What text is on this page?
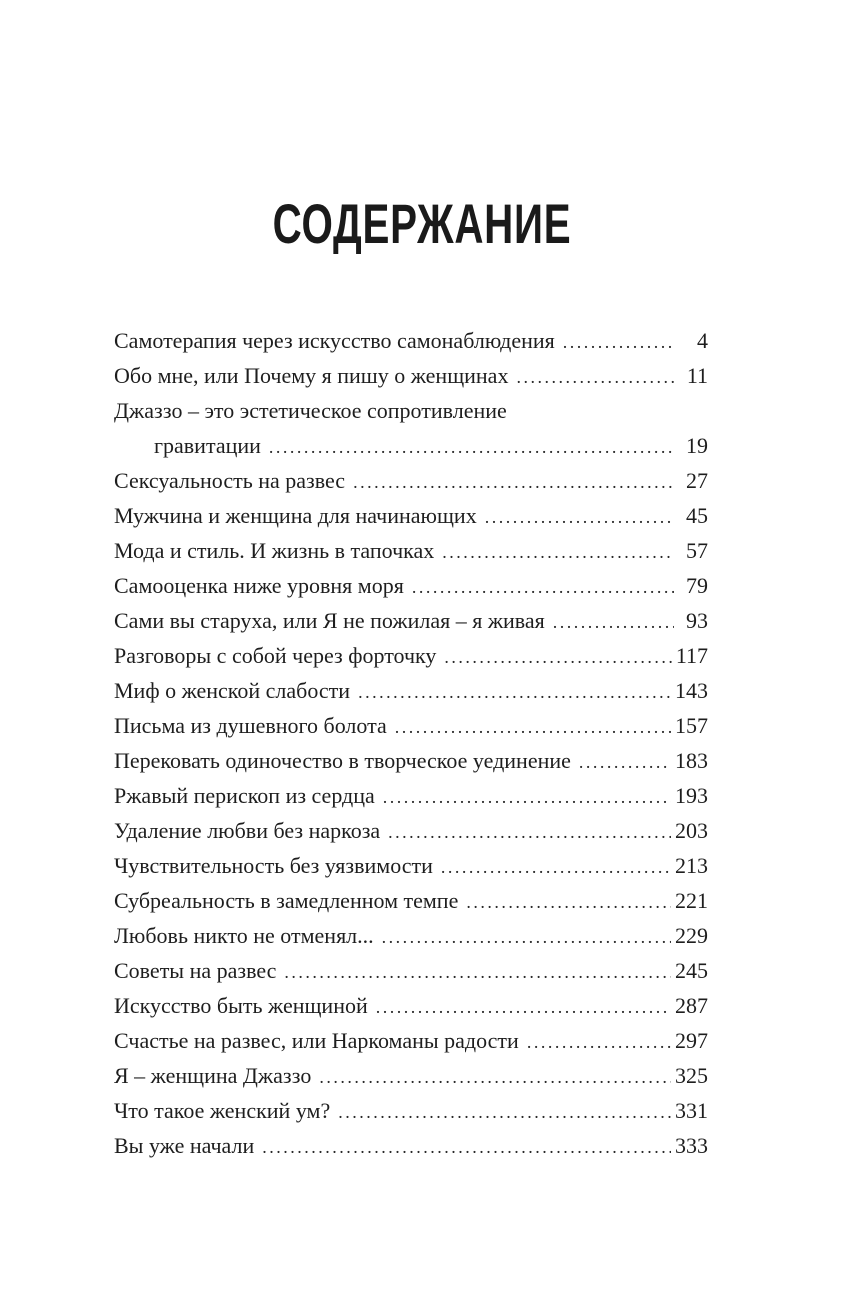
СОДЕРЖАНИЕ
Самотерапия через искусство самонаблюдения . . .	4
Обо мне, или Почему я пишу о женщинах . . .	11
Джаззо – это эстетическое сопротивление
гравитации . . .	19
Сексуальность на развес . . .	27
Мужчина и женщина для начинающих . . .	45
Мода и стиль. И жизнь в тапочках . . .	57
Самооценка ниже уровня моря . . .	79
Сами вы старуха, или Я не пожилая – я живая . . .	93
Разговоры с собой через форточку . . .	117
Миф о женской слабости . . .	143
Письма из душевного болота . . .	157
Перековать одиночество в творческое уединение . . .	183
Ржавый перископ из сердца . . .	193
Удаление любви без наркоза . . .	203
Чувствительность без уязвимости . . .	213
Субреальность в замедленном темпе . . .	221
Любовь никто не отменял... . . .	229
Советы на развес . . .	245
Искусство быть женщиной . . .	287
Счастье на развес, или Наркоманы радости . . .	297
Я – женщина Джаззо . . .	325
Что такое женский ум? . . .	331
Вы уже начали . . .	333
